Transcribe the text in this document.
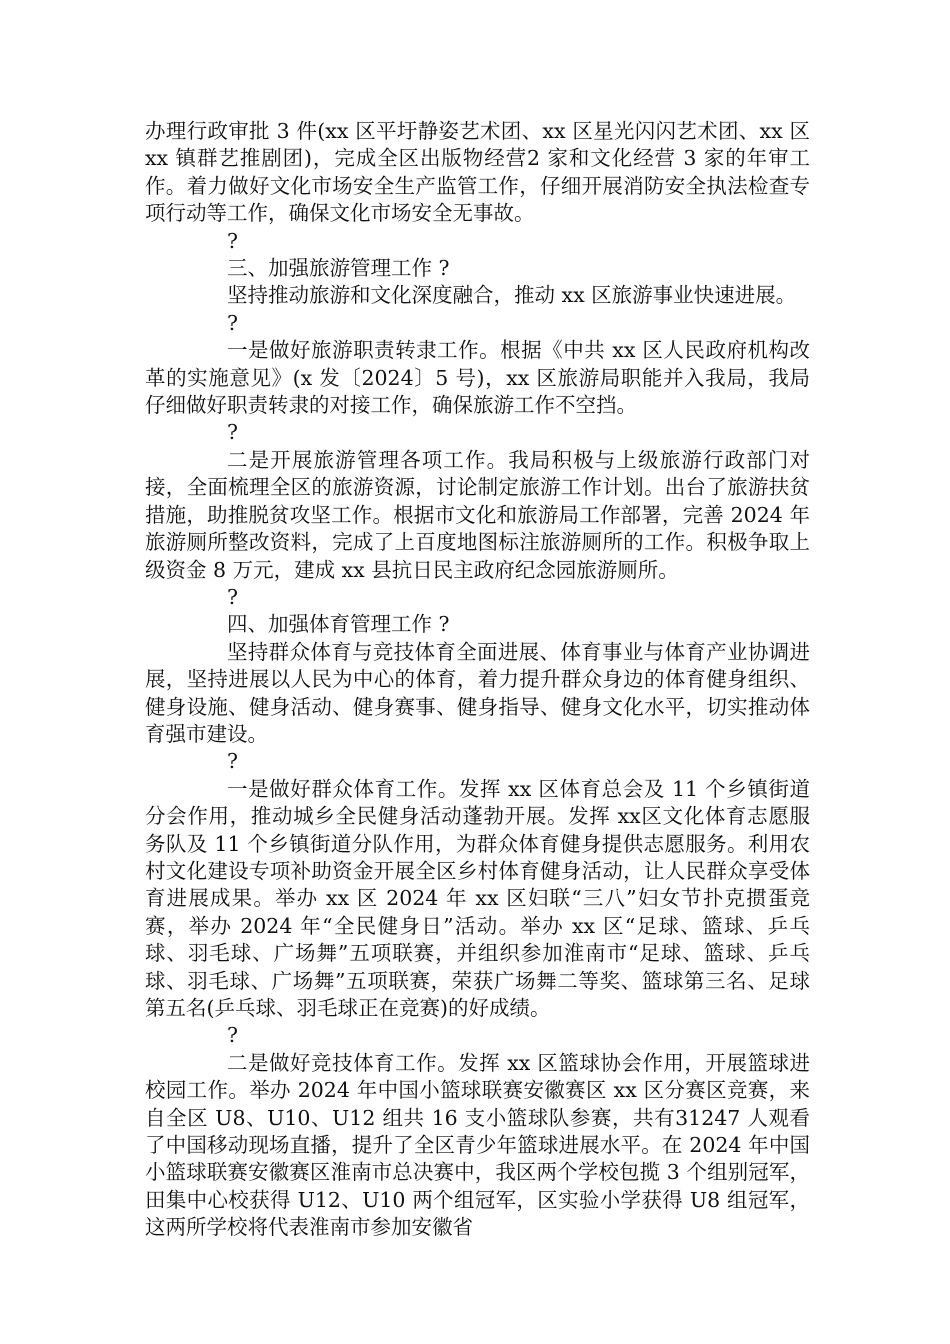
办理行政审批 3 件(xx 区平圩静姿艺术团、xx 区星光闪闪艺术团、xx 区 xx 镇群艺推剧团)，完成全区出版物经营2 家和文化经营 3 家的年审工作。着力做好文化市场安全生产监管工作，仔细开展消防安全执法检查专项行动等工作，确保文化市场安全无事故。

?

三、加强旅游管理工作 ?

坚持推动旅游和文化深度融合，推动 xx 区旅游事业快速进展。

?

一是做好旅游职责转隶工作。根据《中共 xx 区人民政府机构改革的实施意见》(x 发〔2024〕5 号)，xx 区旅游局职能并入我局，我局仔细做好职责转隶的对接工作，确保旅游工作不空挡。

?

二是开展旅游管理各项工作。我局积极与上级旅游行政部门对接，全面梳理全区的旅游资源，讨论制定旅游工作计划。出台了旅游扶贫措施，助推脱贫攻坚工作。根据市文化和旅游局工作部署，完善 2024 年旅游厕所整改资料，完成了上百度地图标注旅游厕所的工作。积极争取上级资金 8 万元，建成 xx 县抗日民主政府纪念园旅游厕所。

?

四、加强体育管理工作 ?

坚持群众体育与竞技体育全面进展、体育事业与体育产业协调进展，坚持进展以人民为中心的体育，着力提升群众身边的体育健身组织、健身设施、健身活动、健身赛事、健身指导、健身文化水平，切实推动体育强市建设。

?

一是做好群众体育工作。发挥 xx 区体育总会及 11 个乡镇街道分会作用，推动城乡全民健身活动蓬勃开展。发挥 xx区文化体育志愿服务队及 11 个乡镇街道分队作用，为群众体育健身提供志愿服务。利用农村文化建设专项补助资金开展全区乡村体育健身活动，让人民群众享受体育进展成果。举办 xx 区 2024 年 xx 区妇联“三八”妇女节扑克掼蛋竞赛，举办 2024 年“全民健身日”活动。举办 xx 区“足球、篮球、乒乓球、羽毛球、广场舞”五项联赛，并组织参加淮南市“足球、篮球、乒乓球、羽毛球、广场舞”五项联赛，荣获广场舞二等奖、篮球第三名、足球第五名(乒乓球、羽毛球正在竞赛)的好成绩。

?

二是做好竞技体育工作。发挥 xx 区篮球协会作用，开展篮球进校园工作。举办 2024 年中国小篮球联赛安徽赛区 xx 区分赛区竞赛，来自全区 U8、U10、U12 组共 16 支小篮球队参赛，共有31247 人观看了中国移动现场直播，提升了全区青少年篮球进展水平。在 2024 年中国小篮球联赛安徽赛区淮南市总决赛中，我区两个学校包揽 3 个组别冠军，田集中心校获得 U12、U10 两个组冠军，区实验小学获得 U8 组冠军，这两所学校将代表淮南市参加安徽省
